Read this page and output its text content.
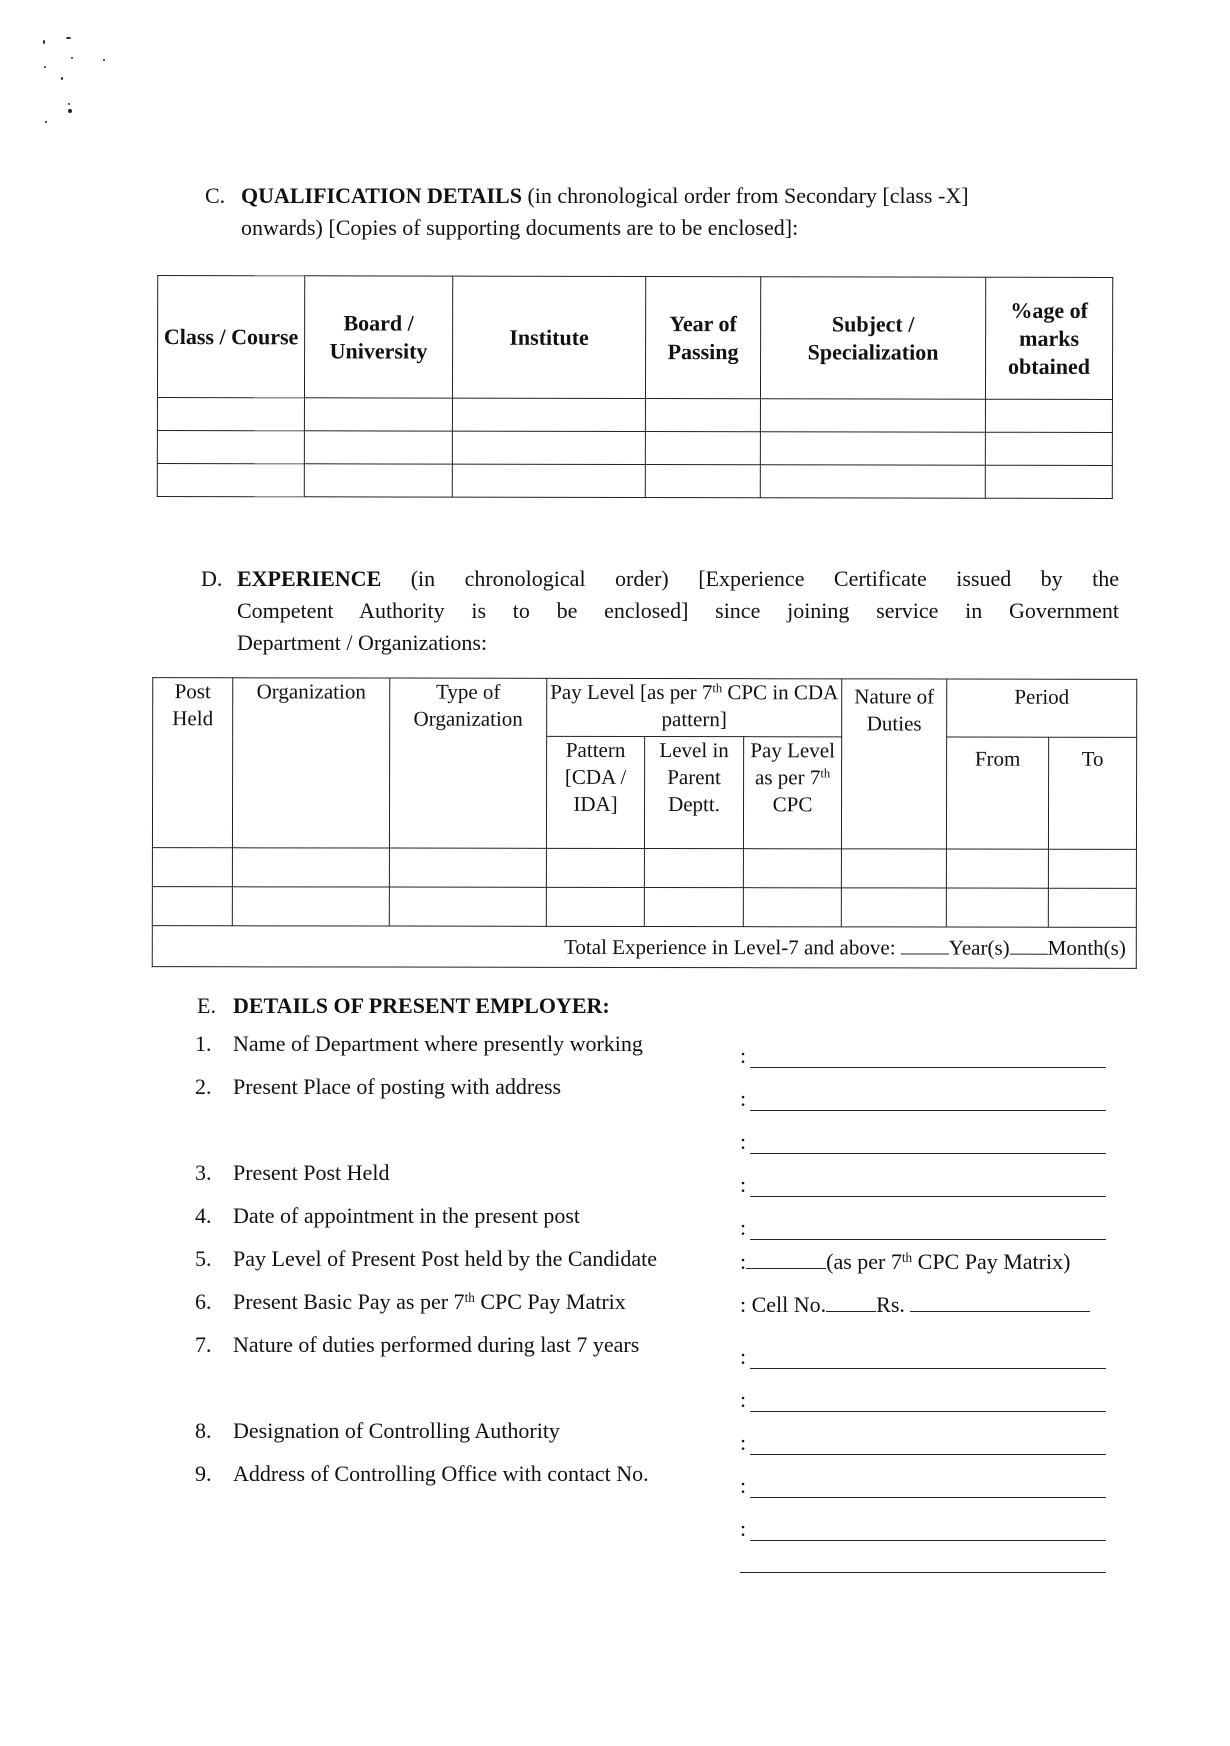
C. QUALIFICATION DETAILS (in chronological order from Secondary [class -X]
onwards) [Copies of supporting documents are to be enclosed]:
Class / Course	Board / University	Institute	Year of Passing	Subject / Specialization	%age of marks obtained

D. EXPERIENCE (in chronological order) [Experience Certificate issued by the
Competent Authority is to be enclosed] since joining service in Government
Department / Organizations:
Post Held	Organization	Type of Organization	Pay Level [as per 7th CPC in CDA pattern]			Nature of Duties	Period	
			Pattern [CDA / IDA]	Level in Parent Deptt.	Pay Level as per 7th CPC		From	To

Total Experience in Level-7 and above: Year(s) Month(s)								
E. DETAILS OF PRESENT EMPLOYER:
1. Name of Department where presently working	:
2. Present Place of posting with address	:
:
3. Present Post Held	:
4. Date of appointment in the present post	:
5. Pay Level of Present Post held by the Candidate	:	(as per 7th CPC Pay Matrix)
6. Present Basic Pay as per 7th CPC Pay Matrix	: Cell No. Rs.
7. Nature of duties performed during last 7 years	:
:
8. Designation of Controlling Authority	:
9. Address of Controlling Office with contact No.	:
:
